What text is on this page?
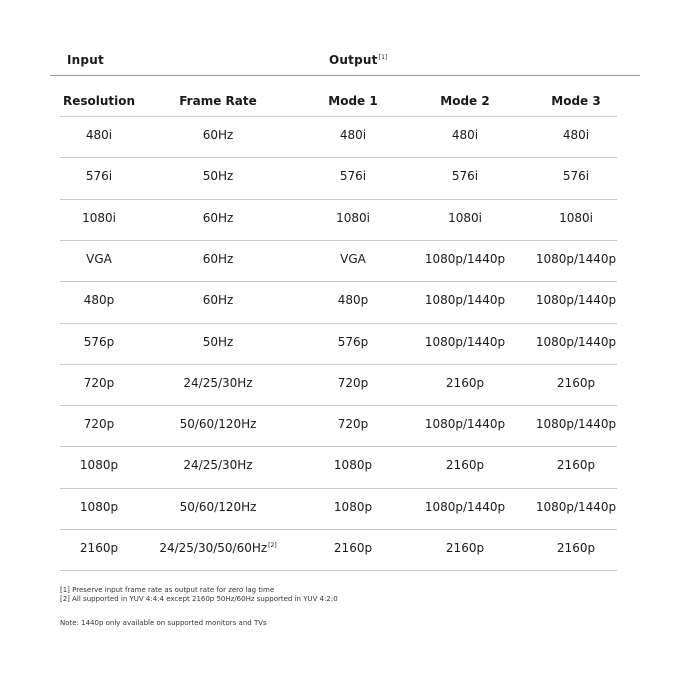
Input	Output[1]
Resolution	Frame Rate	Mode 1	Mode 2	Mode 3
480i	60Hz	480i	480i	480i
576i	50Hz	576i	576i	576i
1080i	60Hz	1080i	1080i	1080i
VGA	60Hz	VGA	1080p/1440p	1080p/1440p
480p	60Hz	480p	1080p/1440p	1080p/1440p
576p	50Hz	576p	1080p/1440p	1080p/1440p
720p	24/25/30Hz	720p	2160p	2160p
720p	50/60/120Hz	720p	1080p/1440p	1080p/1440p
1080p	24/25/30Hz	1080p	2160p	2160p
1080p	50/60/120Hz	1080p	1080p/1440p	1080p/1440p
2160p	24/25/30/50/60Hz[2]	2160p	2160p	2160p
[1] Preserve input frame rate as output rate for zero lag time
[2] All supported in YUV 4:4:4 except 2160p 50Hz/60Hz supported in YUV 4:2:0
Note: 1440p only available on supported monitors and TVs
